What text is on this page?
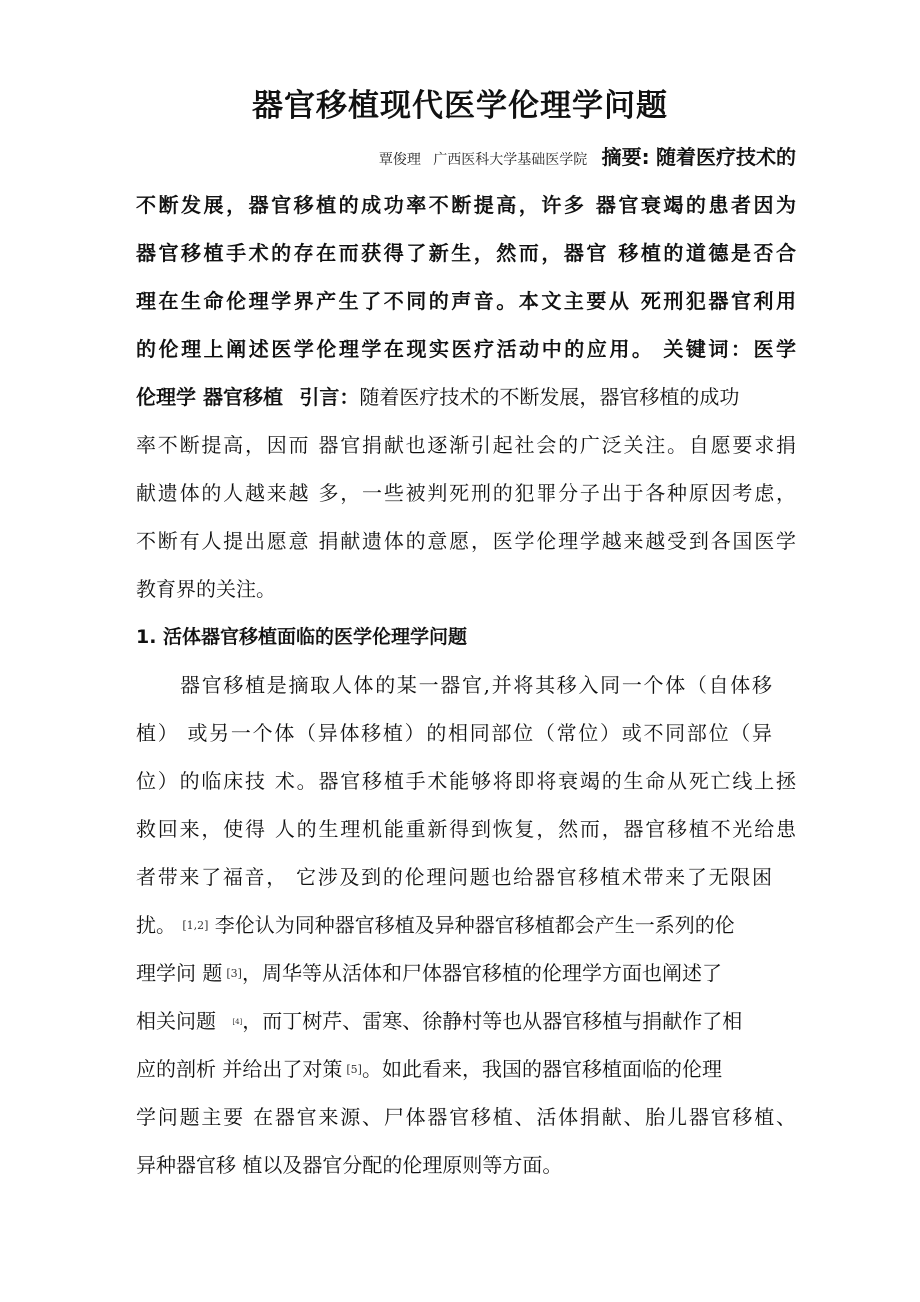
器官移植现代医学伦理学问题
覃俊理 广西医科大学基础医学院 摘要: 随着医疗技术的
不断发展，器官移植的成功率不断提高，许多 器官衰竭的患者因为
器官移植手术的存在而获得了新生，然而，器官 移植的道德是否合
理在生命伦理学界产生了不同的声音。本文主要从 死刑犯器官利用
的伦理上阐述医学伦理学在现实医疗活动中的应用。 关键词：医学
伦理学 器官移植 引言：随着医疗技术的不断发展，器官移植的成功
率不断提高，因而 器官捐献也逐渐引起社会的广泛关注。自愿要求捐
献遗体的人越来越 多，一些被判死刑的犯罪分子出于各种原因考虑，
不断有人提出愿意 捐献遗体的意愿，医学伦理学越来越受到各国医学
教育界的关注。
1. 活体器官移植面临的医学伦理学问题
器官移植是摘取人体的某一器官,并将其移入同一个体（自体移
植） 或另一个体（异体移植）的相同部位（常位）或不同部位（异
位）的临床技 术。器官移植手术能够将即将衰竭的生命从死亡线上拯
救回来，使得 人的生理机能重新得到恢复，然而，器官移植不光给患
者带来了福音， 它涉及到的伦理问题也给器官移植术带来了无限困
扰。 [1,2] 李伦认为同种器官移植及异种器官移植都会产生一系列的伦
理学问 题 [3]，周华等从活体和尸体器官移植的伦理学方面也阐述了
相关问题 [4]，而丁树芹、雷寒、徐静村等也从器官移植与捐献作了相
应的剖析 并给出了对策 [5]。如此看来，我国的器官移植面临的伦理
学问题主要 在器官来源、尸体器官移植、活体捐献、胎儿器官移植、
异种器官移 植以及器官分配的伦理原则等方面。
